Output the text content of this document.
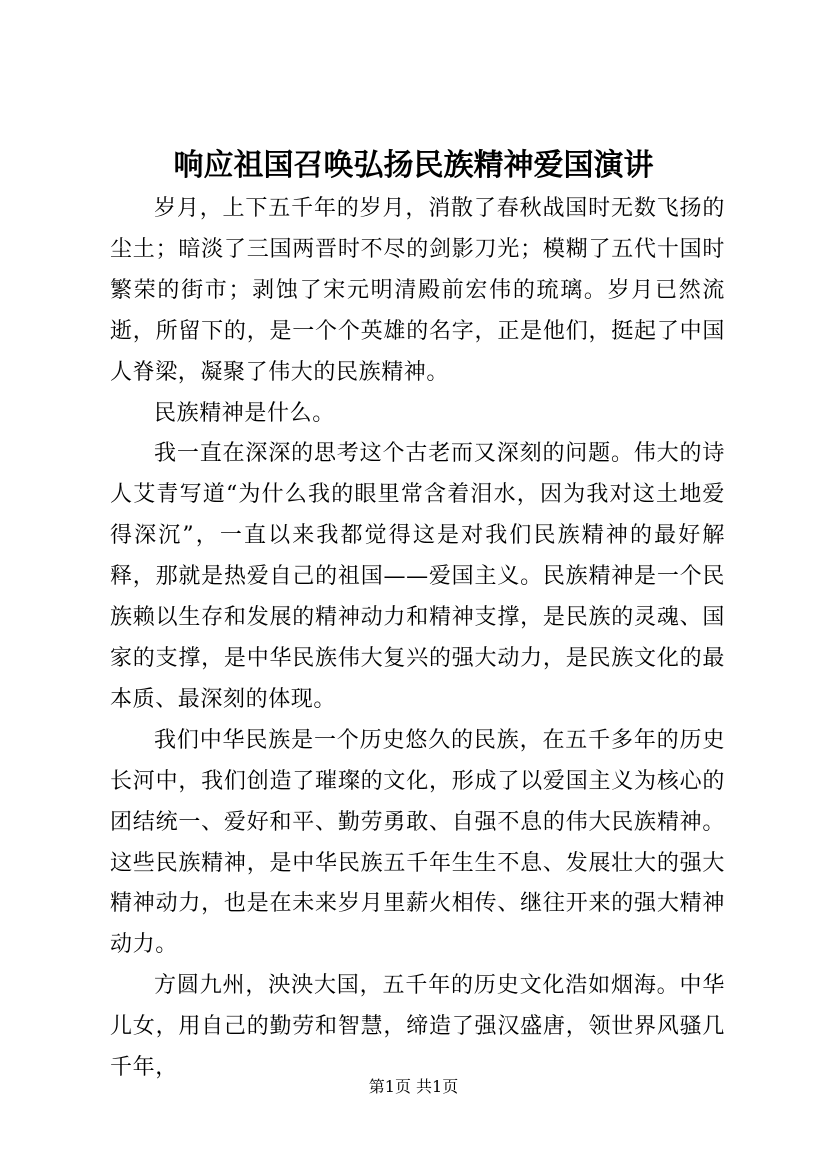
响应祖国召唤弘扬民族精神爱国演讲

岁月，上下五千年的岁月，消散了春秋战国时无数飞扬的尘土；暗淡了三国两晋时不尽的剑影刀光；模糊了五代十国时繁荣的街市；剥蚀了宋元明清殿前宏伟的琉璃。岁月已然流逝，所留下的，是一个个英雄的名字，正是他们，挺起了中国人脊梁，凝聚了伟大的民族精神。

民族精神是什么。

我一直在深深的思考这个古老而又深刻的问题。伟大的诗人艾青写道“为什么我的眼里常含着泪水，因为我对这土地爱得深沉”，一直以来我都觉得这是对我们民族精神的最好解释，那就是热爱自己的祖国——爱国主义。民族精神是一个民族赖以生存和发展的精神动力和精神支撑，是民族的灵魂、国家的支撑，是中华民族伟大复兴的强大动力，是民族文化的最本质、最深刻的体现。

我们中华民族是一个历史悠久的民族，在五千多年的历史长河中，我们创造了璀璨的文化，形成了以爱国主义为核心的团结统一、爱好和平、勤劳勇敢、自强不息的伟大民族精神。这些民族精神，是中华民族五千年生生不息、发展壮大的强大精神动力，也是在未来岁月里薪火相传、继往开来的强大精神动力。

方圆九州，泱泱大国，五千年的历史文化浩如烟海。中华儿女，用自己的勤劳和智慧，缔造了强汉盛唐，领世界风骚几千年，

第1页 共1页
